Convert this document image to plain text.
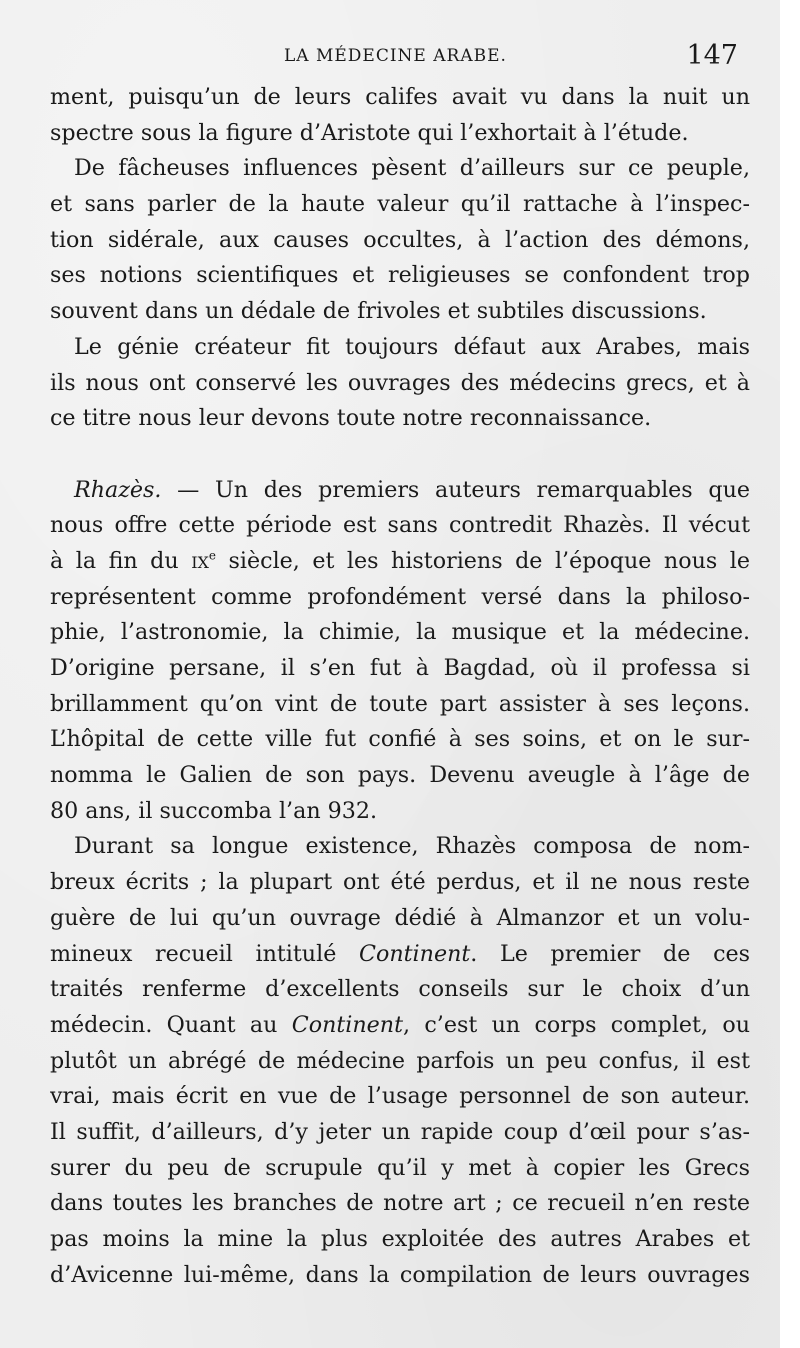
LA MÉDECINE ARABE.	147
ment, puisqu’un de leurs califes avait vu dans la nuit un
spectre sous la figure d’Aristote qui l’exhortait à l’étude.
De fâcheuses influences pèsent d’ailleurs sur ce peuple,
et sans parler de la haute valeur qu’il rattache à l’inspec-
tion sidérale, aux causes occultes, à l’action des démons,
ses notions scientifiques et religieuses se confondent trop
souvent dans un dédale de frivoles et subtiles discussions.
Le génie créateur fit toujours défaut aux Arabes, mais
ils nous ont conservé les ouvrages des médecins grecs, et à
ce titre nous leur devons toute notre reconnaissance.
Rhazès. — Un des premiers auteurs remarquables que
nous offre cette période est sans contredit Rhazès. Il vécut
à la fin du $ix^e$ siècle, et les historiens de l’époque nous le
représentent comme profondément versé dans la philoso-
phie, l’astronomie, la chimie, la musique et la médecine.
D’origine persane, il s’en fut à Bagdad, où il professa si
brillamment qu’on vint de toute part assister à ses leçons.
L’hôpital de cette ville fut confié à ses soins, et on le sur-
nomma le Galien de son pays. Devenu aveugle à l’âge de
80 ans, il succomba l’an 932.
Durant sa longue existence, Rhazès composa de nom-
breux écrits ; la plupart ont été perdus, et il ne nous reste
guère de lui qu’un ouvrage dédié à Almanzor et un volu-
mineux recueil intitulé Continent. Le premier de ces
traités renferme d’excellents conseils sur le choix d’un
médecin. Quant au Continent, c’est un corps complet, ou
plutôt un abrégé de médecine parfois un peu confus, il est
vrai, mais écrit en vue de l’usage personnel de son auteur.
Il suffit, d’ailleurs, d’y jeter un rapide coup d’œil pour s’as-
surer du peu de scrupule qu’il y met à copier les Grecs
dans toutes les branches de notre art ; ce recueil n’en reste
pas moins la mine la plus exploitée des autres Arabes et
d’Avicenne lui-même, dans la compilation de leurs ouvrages
